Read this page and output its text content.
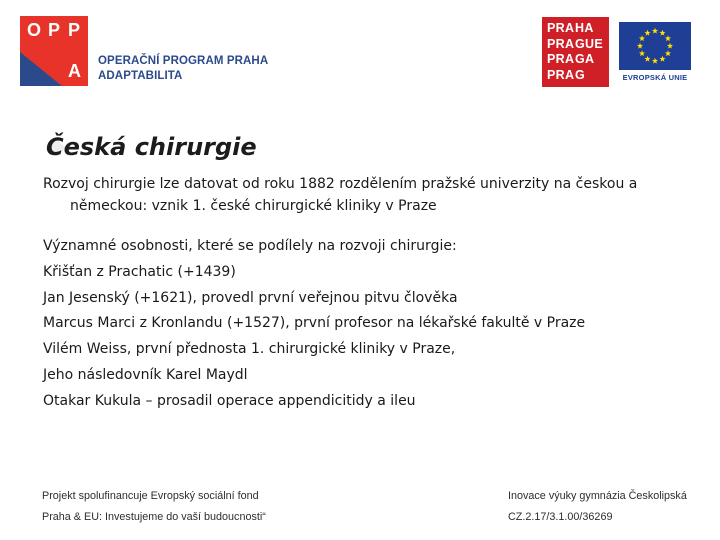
O P P
A OPERAČNÍ PROGRAM PRAHA
ADAPTABILITA
PRA HA
PRA GUE
PRA GA
PRA G	EVROPSKÁ UNIE
Česká chirurgie

Rozvoj chirurgie lze datovat od roku 1882 rozdělením pražské univerzity na českou a
německou: vznik 1. české chirurgické kliniky v Praze

Významné osobnosti, které se podílely na rozvoji chirurgie:
Křišťan z Prachatic (+1439)
Jan Jesenský (+1621), provedl první veřejnou pitvu člověka
Marcus Marci z Kronlandu (+1527), první profesor na lékařské fakultě v Praze
Vilém Weiss, první přednosta 1. chirurgické kliniky v Praze,
Jeho následovník Karel Maydl
Otakar Kukula – prosadil operace appendicitidy a ileu
Projekt spolufinancuje Evropský sociální fond
Praha & EU: Investujeme do vaší budoucnosti“
Inovace výuky gymnázia Českolipská
CZ.2.17/3.1.00/36269
